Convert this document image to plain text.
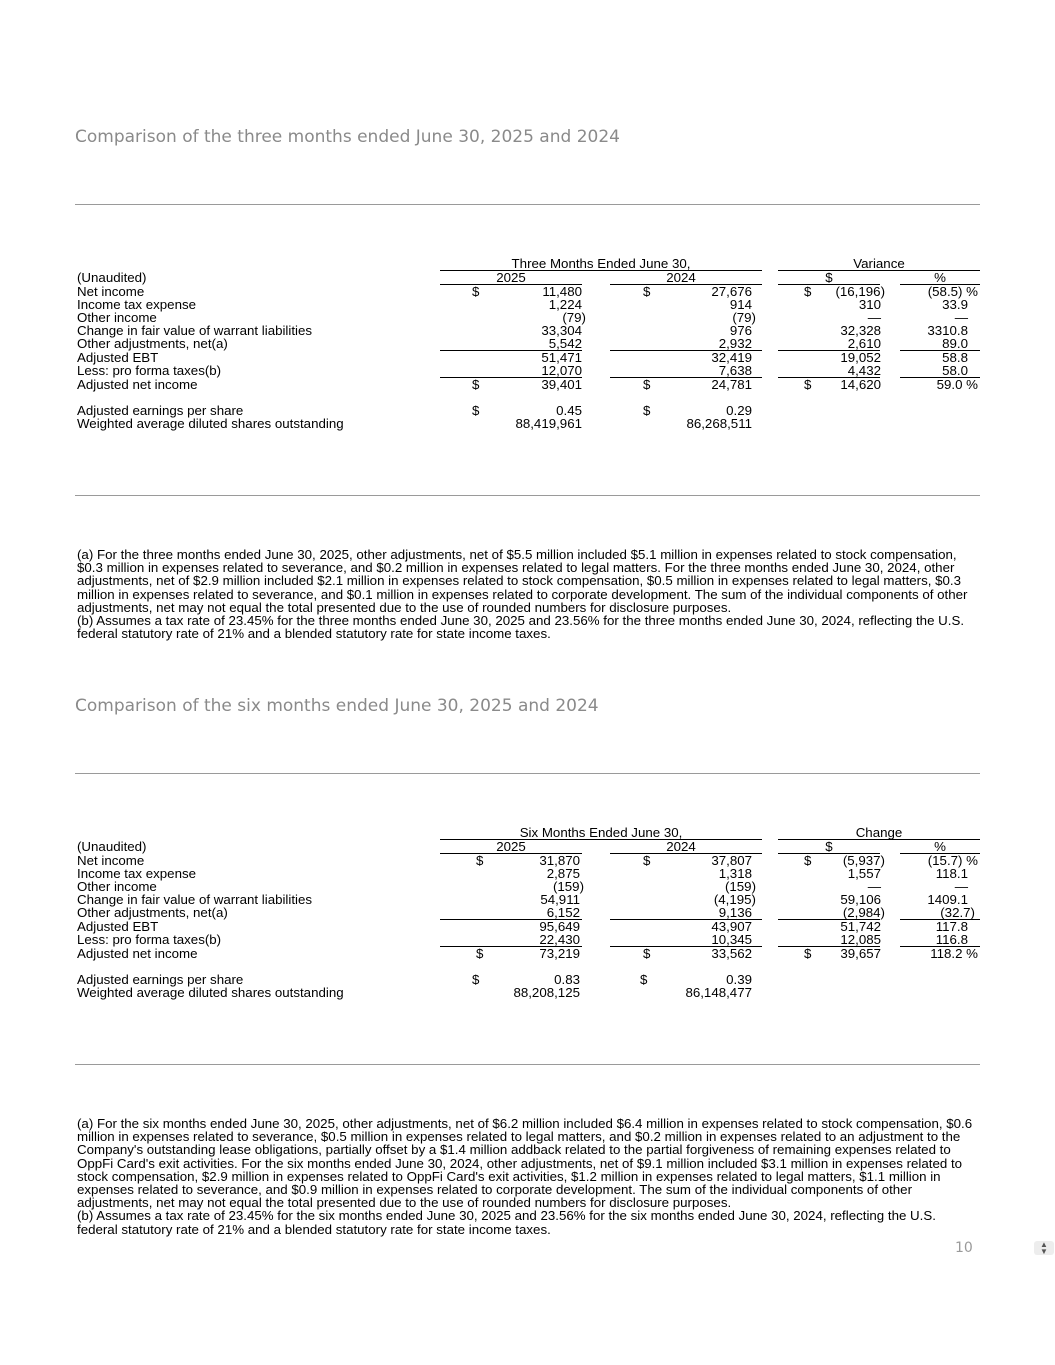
Comparison of the three months ended June 30, 2025 and 2024
Three Months Ended June 30,	Variance
(Unaudited)	2025	2024	$	%
Net income	$	11,480	$	27,676	$ (16,196)	(58.5) %
Income tax expense	1,224	914	310	33.9
Other income	(79)	(79)	—	—
Change in fair value of warrant liabilities	33,304	976	32,328	3310.8
Other adjustments, net(a)	5,542	2,932	2,610	89.0
Adjusted EBT	51,471	32,419	19,052	58.8
Less: pro forma taxes(b)	12,070	7,638	4,432	58.0
Adjusted net income	$	39,401	$	24,781	$ 14,620	59.0 %
Adjusted earnings per share	$	0.45	$	0.29
Weighted average diluted shares outstanding	88,419,961	86,268,511

(a) For the three months ended June 30, 2025, other adjustments, net of $5.5 million included $5.1 million in expenses related to stock compensation, $0.3 million in expenses related to severance, and $0.2 million in expenses related to legal matters. For the three months ended June 30, 2024, other adjustments, net of $2.9 million included $2.1 million in expenses related to stock compensation, $0.5 million in expenses related to legal matters, $0.3 million in expenses related to severance, and $0.1 million in expenses related to corporate development. The sum of the individual components of other adjustments, net may not equal the total presented due to the use of rounded numbers for disclosure purposes.

(b) Assumes a tax rate of 23.45% for the three months ended June 30, 2025 and 23.56% for the three months ended June 30, 2024, reflecting the U.S. federal statutory rate of 21% and a blended statutory rate for state income taxes.

Comparison of the six months ended June 30, 2025 and 2024
Six Months Ended June 30,	Change
(Unaudited)	2025	2024	$	%
Net income	$	31,870	$	37,807	$ (5,937)	(15.7) %
Income tax expense	2,875	1,318	1,557	118.1
Other income	(159)	(159)	—	—
Change in fair value of warrant liabilities	54,911	(4,195)	59,106	1409.1
Other adjustments, net(a)	6,152	9,136	(2,984)	(32.7)
Adjusted EBT	95,649	43,907	51,742	117.8
Less: pro forma taxes(b)	22,430	10,345	12,085	116.8
Adjusted net income	$	73,219	$	33,562	$ 39,657	118.2 %
Adjusted earnings per share	$	0.83	$	0.39
Weighted average diluted shares outstanding	88,208,125	86,148,477

(a) For the six months ended June 30, 2025, other adjustments, net of $6.2 million included $6.4 million in expenses related to stock compensation, $0.6 million in expenses related to severance, $0.5 million in expenses related to legal matters, and $0.2 million in expenses related to an adjustment to the Company's outstanding lease obligations, partially offset by a $1.4 million addback related to the partial forgiveness of remaining expenses related to OppFi Card's exit activities. For the six months ended June 30, 2024, other adjustments, net of $9.1 million included $3.1 million in expenses related to stock compensation, $2.9 million in expenses related to OppFi Card's exit activities, $1.2 million in expenses related to legal matters, $1.1 million in expenses related to severance, and $0.9 million in expenses related to corporate development. The sum of the individual components of other adjustments, net may not equal the total presented due to the use of rounded numbers for disclosure purposes.

(b) Assumes a tax rate of 23.45% for the six months ended June 30, 2025 and 23.56% for the six months ended June 30, 2024, reflecting the U.S. federal statutory rate of 21% and a blended statutory rate for state income taxes.

10	▲
▼
